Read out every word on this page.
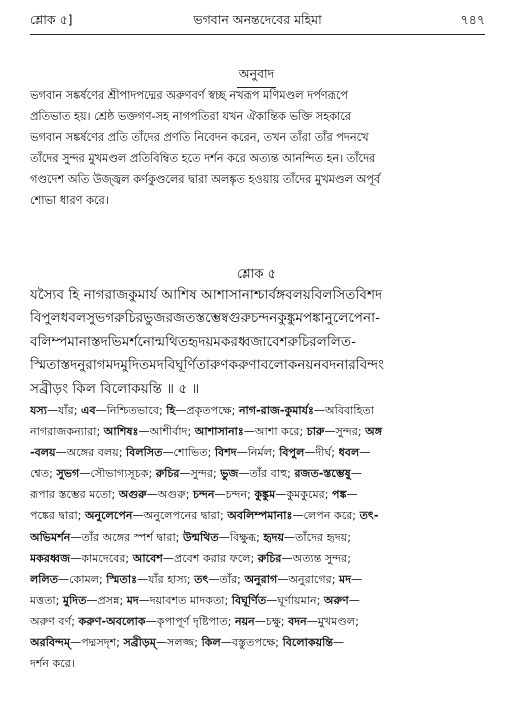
শ্লোক ৫]	ভগবান অনন্তদেবের মহিমা	৭৪৭
অনুবাদ
ভগবান সঙ্কর্ষণের শ্রীপাদপদ্মের অরুণবর্ণ স্বচ্ছ নখরূপ মণিমণ্ডল দর্পণরূপে
প্রতিভাত হয়। শ্রেষ্ঠ ভক্তগণ-সহ নাগপতিরা যখন ঐকান্তিক ভক্তি সহকারে
ভগবান সঙ্কর্ষণের প্রতি তাঁদের প্রণতি নিবেদন করেন, তখন তাঁরা তাঁর পদনখে
তাঁদের সুন্দর মুখমণ্ডল প্রতিবিম্বিত হতে দর্শন করে অত্যন্ত আনন্দিত হন। তাঁদের
গণ্ডদেশ অতি উজ্জ্বল কর্ণকুণ্ডলের দ্বারা অলঙ্কৃত হওয়ায় তাঁদের মুখমণ্ডল অপূর্ব
শোভা ধারণ করে।
শ্লোক ৫
যস্যৈব হি নাগরাজকুমার্য আশিষ আশাসানাশ্চার্বঙ্গবলয়বিলসিতবিশদ
বিপুলধবলসুভগরুচিরভুজরজতস্তম্ভেষ্বগুরুচন্দনকুঙ্কুমপঙ্কানুলেপেনা-
বলিম্পমানাস্তদভিমর্শনোন্মথিতহৃদয়মকরধ্বজাবেশরুচিরললিত-
স্মিতাস্তদনুরাগমদমুদিতমদবিঘূর্ণিতারুণকরুণাবলোকনয়নবদনারবিন্দং
সব্রীড়ং কিল বিলোকয়ন্তি ॥ ৫ ॥
যস্য—যাঁর; এব—নিশ্চিতভাবে; হি—প্রকৃতপক্ষে; নাগ-রাজ-কুমার্যঃ—অবিবাহিতা
নাগরাজকন্যারা; আশিষঃ—আশীর্বাদ; আশাসানাঃ—আশা করে; চারু—সুন্দর; অঙ্গ
-বলয়—অঙ্গের বলয়; বিলসিত—শোভিত; বিশদ—নির্মল; বিপুল—দীর্ঘ; ধবল—
শ্বেত; সুভগ—সৌভাগ্যসূচক; রুচির—সুন্দর; ভুজ—তাঁর বাহু; রজত-স্তম্ভেষু—
রূপার স্তম্ভের মতো; অগুরু—অগুরু; চন্দন—চন্দন; কুঙ্কুম—কুমকুমের; পঙ্ক—
পঙ্কের দ্বারা; অনুলেপেন—অনুলেপনের দ্বারা; অবলিম্পমানাঃ—লেপন করে; তৎ-
অভিমর্শন—তাঁর অঙ্গের স্পর্শ দ্বারা; উন্মথিত—বিক্ষুব্ধ; হৃদয়—তাঁদের হৃদয়;
মকরধ্বজ—কামদেবের; আবেশ—প্রবেশ করার ফলে; রুচির—অত্যন্ত সুন্দর;
ললিত—কোমল; স্মিতাঃ—যাঁর হাস্য; তৎ—তাঁর; অনুরাগ—অনুরাগের; মদ—
মত্ততা; মুদিত—প্রসন্ন; মদ—দয়াবশত মাদকতা; বিঘূর্ণিত—ঘূর্ণায়মান; অরুণ—
অরুণ বর্ণ; করুণ-অবলোক—কৃপাপূর্ণ দৃষ্টিপাত; নয়ন—চক্ষু; বদন—মুখমণ্ডল;
অরবিন্দম্—পদ্মসদৃশ; সব্রীড়ম্—সলজ্জ; কিল—বস্তুতপক্ষে; বিলোকয়ন্তি—
দর্শন করে।
